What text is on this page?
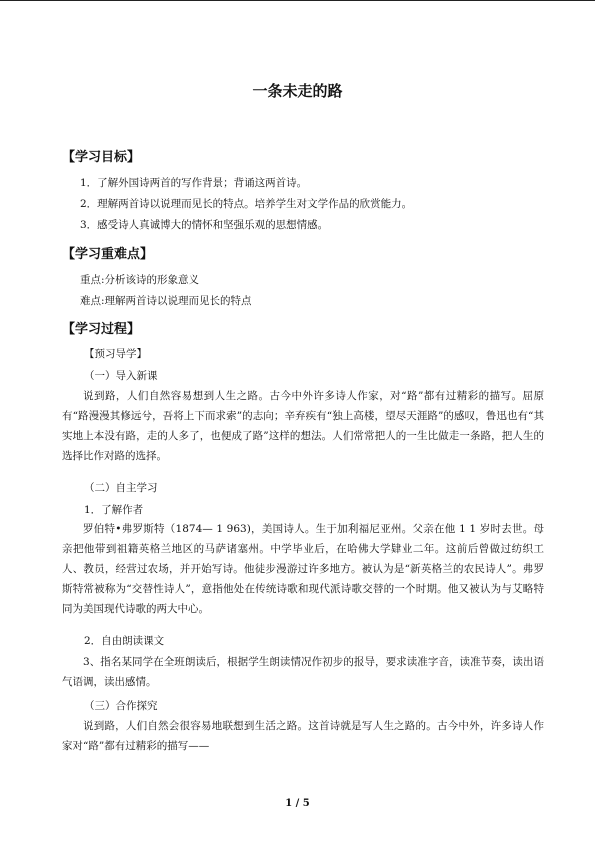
一条未走的路
【学习目标】
1．了解外国诗两首的写作背景；背诵这两首诗。
2．理解两首诗以说理而见长的特点。培养学生对文学作品的欣赏能力。
3．感受诗人真诚博大的情怀和坚强乐观的思想情感。
【学习重难点】
重点:分析该诗的形象意义
难点:理解两首诗以说理而见长的特点
【学习过程】
【预习导学】
（一）导入新课
说到路，人们自然容易想到人生之路。古今中外许多诗人作家，对“路”都有过精彩的描写。屈原有“路漫漫其修远兮，吾将上下而求索”的志向；辛弃疾有“独上高楼，望尽天涯路”的感叹，鲁迅也有“其实地上本没有路，走的人多了，也便成了路”这样的想法。人们常常把人的一生比做走一条路，把人生的选择比作对路的选择。
（二）自主学习
1．了解作者
罗伯特•弗罗斯特（1874— 1 963)，美国诗人。生于加利福尼亚州。父亲在他 1 1 岁时去世。母亲把他带到祖籍英格兰地区的马萨诸塞州。中学毕业后，在哈佛大学肄业二年。这前后曾做过纺织工人、教员，经营过农场，并开始写诗。他徒步漫游过许多地方。被认为是“新英格兰的农民诗人”。弗罗斯特常被称为“交替性诗人”，意指他处在传统诗歌和现代派诗歌交替的一个时期。他又被认为与艾略特同为美国现代诗歌的两大中心。
2．自由朗读课文
3、指名某同学在全班朗读后，根据学生朗读情况作初步的报导，要求读准字音，读准节奏，读出语气语调，读出感情。
（三）合作探究
说到路，人们自然会很容易地联想到生活之路。这首诗就是写人生之路的。古今中外，许多诗人作家对“路”都有过精彩的描写——
1 / 5
